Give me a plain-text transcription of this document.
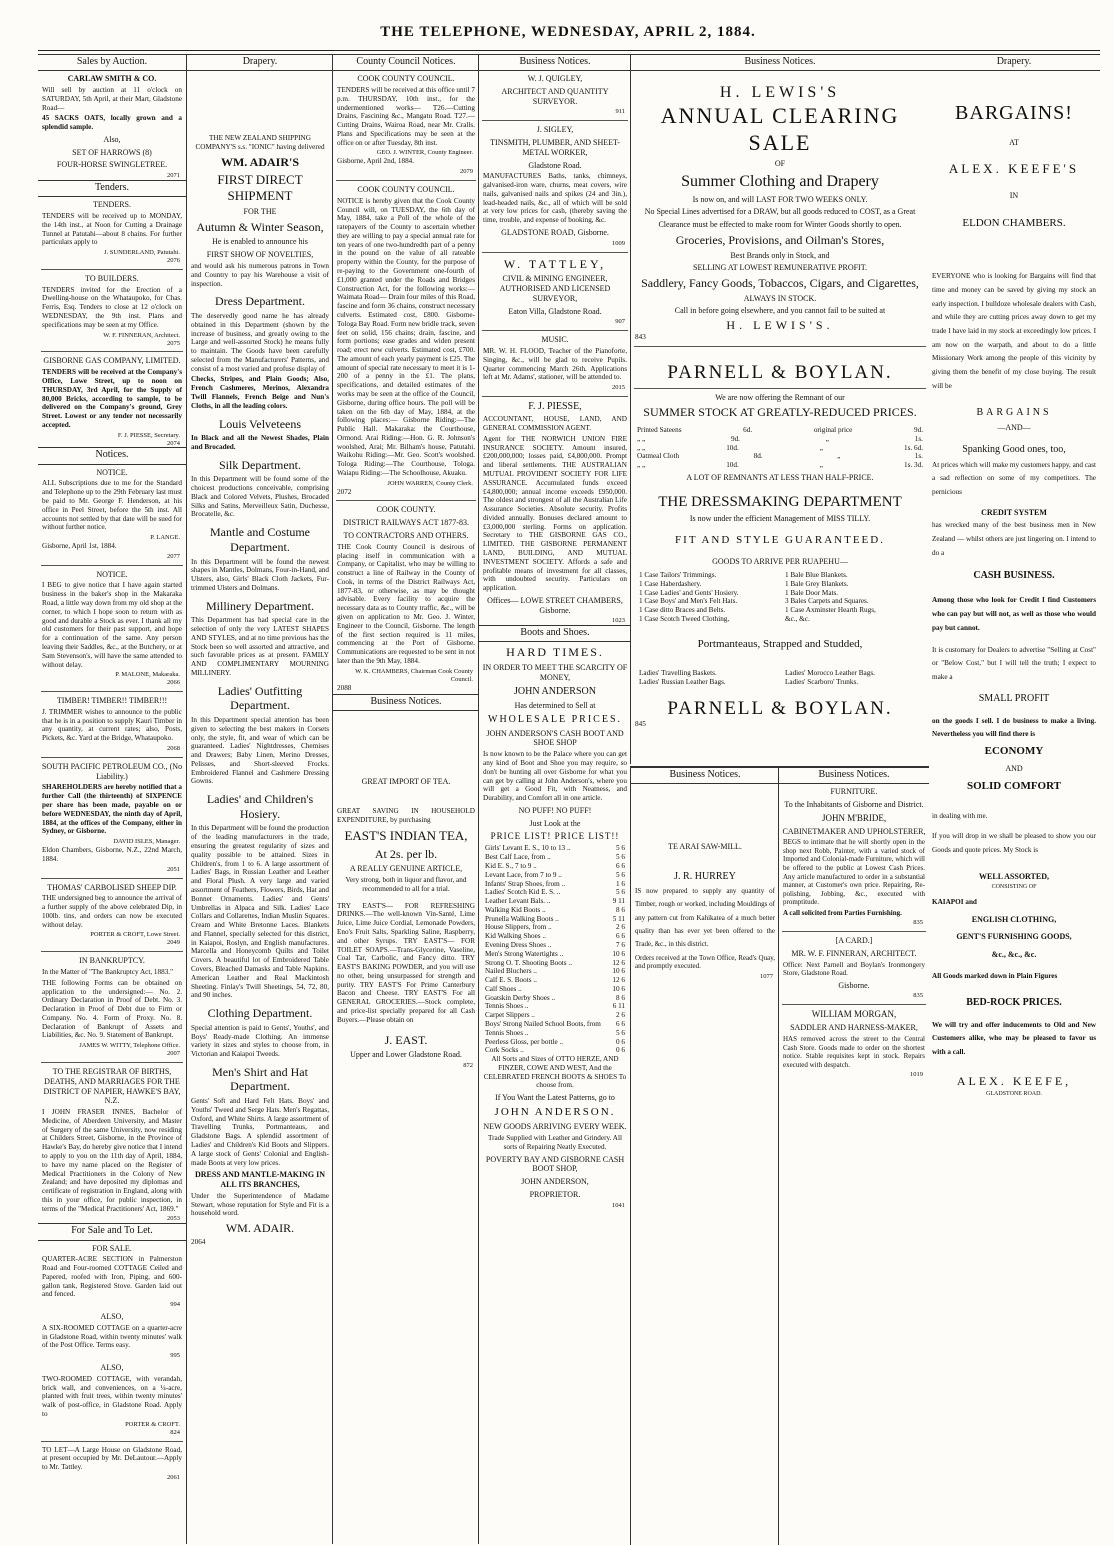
THE TELEPHONE, WEDNESDAY, APRIL 2, 1884.
Sales by Auction.
CARLAW SMITH & CO.
Will sell by auction at 11 o'clock on SATURDAY, 5th April, at their Mart, Gladstone Road—
45 SACKS OATS, locally grown and a splendid sample.
Also,
SET OF HARROWS (8)
FOUR-HORSE SWINGLETREE.
2071
Tenders.
TENDERS.
TENDERS will be received up to MONDAY, the 14th inst., at Noon for Cutting a Drainage Tunnel at Patutahi—about 8 chains. For further particulars apply to
J. SUNDERLAND, Patutahi.
2076
TO BUILDERS.
TENDERS invited for the Erection of a Dwelling-house on the Whataupoko, for Chas. Ferris, Esq. Tenders to close at 12 o'clock on WEDNESDAY, the 9th inst. Plans and specifications may be seen at my Office.
W. F. FINNERAN, Architect.
2075
GISBORNE GAS COMPANY, LIMITED.
TENDERS will be received at the Company's Office, Lowe Street, up to noon on THURSDAY, 3rd April, for the Supply of 80,000 Bricks, according to sample, to be delivered on the Company's ground, Grey Street. Lowest or any tender not necessarily accepted.
F. J. PIESSE, Secretary.
2074
Notices.
NOTICE.
ALL Subscriptions due to me for the Standard and Telephone up to the 29th February last must be paid to Mr. George F. Henderson, at his office in Peel Street, before the 5th inst. All accounts not settled by that date will be sued for without further notice.
P. LANGE.
Gisborne, April 1st, 1884.
2077
NOTICE.
I BEG to give notice that I have again started business in the baker's shop in the Makaraka Road, a little way down from my old shop at the corner, to which I hope soon to return with as good and durable a Stock as ever. I thank all my old customers for their past support, and hope for a continuation of the same. Any person leaving their Saddles, &c., at the Butchery, or at Sam Stevenson's, will have the same attended to without delay.
P. MALONE, Makaraka.
2066
TIMBER! TIMBER!! TIMBER!!!
J. TRIMMER wishes to announce to the public that he is in a position to supply Kauri Timber in any quantity, at current rates; also, Posts, Pickets, &c. Yard at the Bridge, Whataupoko.
2068
SOUTH PACIFIC PETROLEUM CO., (No Liability.)
SHAREHOLDERS are hereby notified that a further Call (the thirteenth) of SIXPENCE per share has been made, payable on or before WEDNESDAY, the ninth day of April, 1884, at the offices of the Company, either in Sydney, or Gisborne.
DAVID ISLES, Manager.
Eldon Chambers, Gisborne, N.Z., 22nd March, 1884.
2051
THOMAS' CARBOLISED SHEEP DIP.
THE undersigned beg to announce the arrival of a further supply of the above celebrated Dip, in 100lb. tins, and orders can now be executed without delay.
PORTER & CROFT, Lowe Street.
2049
IN BANKRUPTCY.
In the Matter of "The Bankruptcy Act, 1883."
THE following Forms can be obtained on application to the undersigned:— No. 2. Ordinary Declaration in Proof of Debt. No. 3. Declaration in Proof of Debt due to Firm or Company. No. 4. Form of Proxy. No. 8. Declaration of Bankrupt of Assets and Liabilities, &c. No. 9. Statement of Bankrupt.
JAMES W. WITTY, Telephone Office.
2007
TO THE REGISTRAR OF BIRTHS, DEATHS, AND MARRIAGES FOR THE DISTRICT OF NAPIER, HAWKE'S BAY, N.Z.
I JOHN FRASER INNES, Bachelor of Medicine, of Aberdeen University, and Master of Surgery of the same University, now residing at Childers Street, Gisborne, in the Province of Hawke's Bay, do hereby give notice that I intend to apply to you on the 11th day of April, 1884, to have my name placed on the Register of Medical Practitioners in the Colony of New Zealand; and have deposited my diplomas and certificate of registration in England, along with this in your office, for public inspection, in terms of the "Medical Practitioners' Act, 1869."
2053
For Sale and To Let.
FOR SALE.
QUARTER-ACRE SECTION in Palmerston Road and Four-roomed COTTAGE Ceiled and Papered, roofed with Iron, Piping, and 600-gallon tank, Registered Stove. Garden laid out and fenced.
994
ALSO,
A SIX-ROOMED COTTAGE on a quarter-acre in Gladstone Road, within twenty minutes' walk of the Post Office. Terms easy.
995
ALSO,
TWO-ROOMED COTTAGE, with verandah, brick wall, and conveniences, on a ¼-acre, planted with fruit trees, within twenty minutes' walk of post-office, in Gladstone Road. Apply to
PORTER & CROFT.
824
TO LET—A Large House on Gladstone Road, at present occupied by Mr. DeLautour.—Apply to Mr. Tattley.
2061
Drapery.
THE NEW ZEALAND SHIPPING COMPANY'S s.s. "IONIC" having delivered
WM. ADAIR'S
FIRST DIRECT SHIPMENT
FOR THE
Autumn & Winter Season,
He is enabled to announce his
FIRST SHOW OF NOVELTIES,
and would ask his numerous patrons in Town and Country to pay his Warehouse a visit of inspection.
Dress Department.
The deservedly good name he has already obtained in this Department (shown by the increase of business, and greatly owing to the Large and well-assorted Stock) he means fully to maintain. The Goods have been carefully selected from the Manufacturers' Patterns, and consist of a most varied and profuse display of
Checks, Stripes, and Plain Goods; Also, French Cashmeres, Merinos, Alexandra Twill Flannels, French Beige and Nun's Cloths, in all the leading colors.
Louis Velveteens
In Black and all the Newest Shades, Plain and Brocaded.
Silk Department.
In this Department will be found some of the choicest productions conceivable, comprising Black and Colored Velvets, Plushes, Brocaded Silks and Satins, Merveilleux Satin, Duchesse, Brocatelle, &c.
Mantle and Costume Department.
In this Department will be found the newest shapes in Mantles, Dolmans, Four-in-Hand, and Ulsters, also, Girls' Black Cloth Jackets, Fur-trimmed Ulsters and Dolmans.
Millinery Department.
This Department has had special care in the selection of only the very LATEST SHAPES AND STYLES, and at no time previous has the Stock been so well assorted and attractive, and such favorable prices as at present. FAMILY AND COMPLIMENTARY MOURNING MILLINERY.
Ladies' Outfitting Department.
In this Department special attention has been given to selecting the best makers in Corsets only, the style, fit, and wear of which can be guaranteed. Ladies' Nightdresses, Chemises and Drawers; Baby Linen, Merino Dresses, Pelisses, and Short-sleeved Frocks. Embroidered Flannel and Cashmere Dressing Gowns.
Ladies' and Children's Hosiery.
In this Department will be found the production of the leading manufacturers in the trade, ensuring the greatest regularity of sizes and quality possible to be attained. Sizes in Children's, from 1 to 6. A large assortment of Ladies' Bags, in Russian Leather and Leather and Floral Plush. A very large and varied assortment of Feathers, Flowers, Birds, Hat and Bonnet Ornaments. Ladies' and Gents' Umbrellas in Alpaca and Silk. Ladies' Lace Collars and Collarettes, Indian Muslin Squares. Cream and White Bretonne Laces. Blankets and Flannel, specially selected for this district, in Kaiapoi, Roslyn, and English manufactures. Marcella and Honeycomb Quilts and Toilet Covers. A beautiful lot of Embroidered Table Covers, Bleached Damasks and Table Napkins. American Leather and Real Mackintosh Sheeting. Finlay's Twill Sheetings, 54, 72, 80, and 90 inches.
Clothing Department.
Special attention is paid to Gents', Youths', and Boys' Ready-made Clothing. An immense variety in sizes and styles to choose from, in Victorian and Kaiapoi Tweeds.
Men's Shirt and Hat Department.
Gents' Soft and Hard Felt Hats. Boys' and Youths' Tweed and Serge Hats. Men's Regattas, Oxford, and White Shirts. A large assortment of Travelling Trunks, Portmanteaus, and Gladstone Bags. A splendid assortment of Ladies' and Children's Kid Boots and Slippers. A large stock of Gents' Colonial and English-made Boots at very low prices.
DRESS AND MANTLE-MAKING IN ALL ITS BRANCHES,
Under the Superintendence of Madame Stewart, whose reputation for Style and Fit is a household word.
WM. ADAIR.
2064
County Council Notices.
COOK COUNTY COUNCIL.
TENDERS will be received at this office until 7 p.m. THURSDAY, 10th inst., for the undermentioned works— T26.—Cutting Drains, Fascining &c., Mangatu Road. T27.—Cutting Drains, Wairoa Road, near Mr. Cralls. Plans and Specifications may be seen at the office on or after Tuesday, 8th inst.
GEO. J. WINTER, County Engineer.
Gisborne, April 2nd, 1884.
2079
COOK COUNTY COUNCIL.
NOTICE is hereby given that the Cook County Council will, on TUESDAY, the 6th day of May, 1884, take a Poll of the whole of the ratepayers of the County to ascertain whether they are willing to pay a special annual rate for ten years of one two-hundredth part of a penny in the pound on the value of all rateable property within the County, for the purpose of re-paying to the Government one-fourth of £1,000 granted under the Roads and Bridges Construction Act, for the following works:— Waimata Road— Drain four miles of this Road, fascine and form 36 chains, construct necessary culverts. Estimated cost, £800. Gisborne-Tologa Bay Road. Form new bridle track, seven feet on solid, 156 chains; drain, fascine, and form portions; ease grades and widen present road; erect new culverts. Estimated cost, £700. The amount of each yearly payment is £25. The amount of special rate necessary to meet it is 1-200 of a penny in the £1. The plans, specifications, and detailed estimates of the works may be seen at the office of the Council, Gisborne, during office hours. The poll will be taken on the 6th day of May, 1884, at the following places:— Gisborne Riding:—The Public Hall. Makaraka: the Courthouse, Ormond. Arai Riding:—Hon. G. R. Johnson's woolshed, Arai; Mr. Bilham's house, Patutahi. Waikohu Riding:—Mr. Geo. Scott's woolshed. Tologa Riding:—The Courthouse, Tologa. Waiapu Riding:—The Schoolhouse, Akuaku.
JOHN WARREN, County Clerk.
2072
COOK COUNTY.
DISTRICT RAILWAYS ACT 1877-83.
TO CONTRACTORS AND OTHERS.
THE Cook County Council is desirous of placing itself in communication with a Company, or Capitalist, who may be willing to construct a line of Railway in the County of Cook, in terms of the District Railways Act, 1877-83, or otherwise, as may be thought advisable. Every facility to acquire the necessary data as to County traffic, &c., will be given on application to Mr. Geo. J. Winter, Engineer to the Council, Gisborne. The length of the first section required is 11 miles, commencing at the Port of Gisborne. Communications are requested to be sent in not later than the 9th May, 1884.
W. K. CHAMBERS, Chairman Cook County Council.
2088
Business Notices.
GREAT IMPORT OF TEA.
GREAT SAVING IN HOUSEHOLD EXPENDITURE, by purchasing
EAST'S INDIAN TEA,
At 2s. per lb.
A REALLY GENUINE ARTICLE,
Very strong, both in liquor and flavor, and recommended to all for a trial.
TRY EAST'S— FOR REFRESHING DRINKS.—The well-known Vin-Santé, Lime Juice, Lime Juice Cordial, Lemonade Powders, Eno's Fruit Salts, Sparkling Saline, Raspberry, and other Syrups. TRY EAST'S— FOR TOILET SOAPS.—Trans-Glycerine, Vaseline, Coal Tar, Carbolic, and Fancy ditto. TRY EAST'S BAKING POWDER, and you will use no other, being unsurpassed for strength and purity. TRY EAST'S For Prime Canterbury Bacon and Cheese. TRY EAST'S For all GENERAL GROCERIES.—Stock complete, and price-list specially prepared for all Cash Buyers.—Please obtain on
J. EAST.
Upper and Lower Gladstone Road.
872
Business Notices.
W. J. QUIGLEY,
ARCHITECT AND QUANTITY SURVEYOR.
911
J. SIGLEY,
TINSMITH, PLUMBER, AND SHEET-METAL WORKER,
Gladstone Road.
MANUFACTURES Baths, tanks, chimneys, galvanised-iron ware, churns, meat covers, wire nails, galvanised nails and spikes (24 and 3in.), lead-headed nails, &c., all of which will be sold at very low prices for cash, (thereby saving the time, trouble, and expense of booking, &c.
GLADSTONE ROAD, Gisborne.
1009
W. TATTLEY,
CIVIL & MINING ENGINEER, AUTHORISED AND LICENSED SURVEYOR,
Eaton Villa, Gladstone Road.
907
MUSIC.
MR. W. H. FLOOD, Teacher of the Pianoforte, Singing, &c., will be glad to receive Pupils. Quarter commencing March 26th. Applications left at Mr. Adams', stationer, will be attended to.
2015
F. J. PIESSE,
ACCOUNTANT, HOUSE, LAND, AND GENERAL COMMISSION AGENT.
Agent for THE NORWICH UNION FIRE INSURANCE SOCIETY. Amount insured, £200,000,000; losses paid, £4,800,000. Prompt and liberal settlements. THE AUSTRALIAN MUTUAL PROVIDENT SOCIETY FOR LIFE ASSURANCE. Accumulated funds exceed £4,800,000; annual income exceeds £950,000. The oldest and strongest of all the Australian Life Assurance Societies. Absolute security. Profits divided annually. Bonuses declared amount to £3,000,000 sterling. Forms on application. Secretary to THE GISBORNE GAS CO., LIMITED. THE GISBORNE PERMANENT LAND, BUILDING, AND MUTUAL INVESTMENT SOCIETY. Affords a safe and profitable means of investment for all classes, with undoubted security. Particulars on application.
Offices— LOWE STREET CHAMBERS, Gisborne.
1023
Boots and Shoes.
HARD TIMES.
IN ORDER TO MEET THE SCARCITY OF MONEY,
JOHN ANDERSON
Has determined to Sell at
WHOLESALE PRICES.
JOHN ANDERSON'S CASH BOOT AND SHOE SHOP
Is now known to be the Palace where you can get any kind of Boot and Shoe you may require, so don't be hunting all over Gisborne for what you can get by calling at John Anderson's, where you will get a Good Fit, with Neatness, and Durability, and Comfort all in one article.
NO PUFF! NO PUFF!
Just Look at the
PRICE LIST! PRICE LIST!!
Girls' Levant E. S., 10 to 13 ..	5 6
Best Calf Lace, from ..	5 6
Kid E. S., 7 to 9 ..	6 6
Levant Lace, from 7 to 9 ..	5 6
Infants' Strap Shoes, from ..	1 6
Ladies' Scotch Kid E. S. ..	5 6
Leather Levant Bals. ..	9 11
Walking Kid Boots ..	8 6
Prunella Walking Boots ..	5 11
House Slippers, from ..	2 6
Kid Walking Shoes ..	6 6
Evening Dress Shoes ..	7 6
Men's Strong Watertights ..	10 6
Strong O. T. Shooting Boots ..	12 6
Nailed Bluchers ..	10 6
Calf E. S. Boots ..	12 6
Calf Shoes ..	10 6
Goatskin Derby Shoes ..	8 6
Tennis Shoes ..	6 11
Carpet Slippers ..	2 6
Boys' Strong Nailed School Boots, from 6 6
Tennis Shoes ..	5 6
Peerless Gloss, per bottle ..	0 6
Cork Socks ..	0 6
All Sorts and Sizes of OTTO HERZE, AND FINZER, COWE AND WEST, And the CELEBRATED FRENCH BOOTS & SHOES To choose from.
If You Want the Latest Patterns, go to
JOHN ANDERSON.
NEW GOODS ARRIVING EVERY WEEK.
Trade Supplied with Leather and Grindery. All sorts of Repairing Neatly Executed.
POVERTY BAY AND GISBORNE CASH BOOT SHOP,
JOHN ANDERSON,
PROPRIETOR.
1041
Business Notices.
H. LEWIS'S
ANNUAL CLEARING SALE
OF
Summer Clothing and Drapery
Is now on, and will LAST FOR TWO WEEKS ONLY.
No Special Lines advertised for a DRAW, but all goods reduced to COST, as a Great
Clearance must be effected to make room for Winter Goods shortly to open.
Groceries, Provisions, and Oilman's Stores,
Best Brands only in Stock, and
SELLING AT LOWEST REMUNERATIVE PROFIT.
Saddlery, Fancy Goods, Tobaccos, Cigars, and Cigarettes,
ALWAYS IN STOCK.
Call in before going elsewhere, and you cannot fail to be suited at
H. LEWIS'S.
843
PARNELL & BOYLAN.
We are now offering the Remnant of our
SUMMER STOCK AT GREATLY-REDUCED PRICES.
Printed Sateens	6d.	original price	9d.
„ „	9d.	„	1s.
„ „	10d.	„	1s. 6d.
Oatmeal Cloth	8d.	„	1s.
„ „	10d.	„	1s. 3d.
A LOT OF REMNANTS AT LESS THAN HALF-PRICE.
THE DRESSMAKING DEPARTMENT
Is now under the efficient Management of MISS TILLY.
FIT AND STYLE GUARANTEED.
GOODS TO ARRIVE PER RUAPEHU—
1 Case Tailors' Trimmings.
1 Case Haberdashery.
1 Case Ladies' and Gents' Hosiery.
1 Case Boys' and Men's Felt Hats.
1 Case ditto Braces and Belts.
1 Case Scotch Tweed Clothing,
1 Bale Blue Blankets.
1 Bale Grey Blankets.
1 Bale Door Mats.
3 Bales Carpets and Squares.
1 Case Axminster Hearth Rugs,
&c., &c.
Portmanteaus, Strapped and Studded,
Ladies' Travelling Baskets.
Ladies' Russian Leather Bags.
Ladies' Morocco Leather Bags.
Ladies' Scarboro' Trunks.
PARNELL & BOYLAN.
845
Business Notices.
TE ARAI SAW-MILL.
J. R. HURREY
IS now prepared to supply any quantity of Timber, rough or worked, including Mouldings of any pattern cut from Kahikatea of a much better quality than has ever yet been offered to the Trade, &c., in this district.
Orders received at the Town Office, Read's Quay, and promptly executed.
1077
Business Notices.
FURNITURE.
To the Inhabitants of Gisborne and District.
JOHN M'BRIDE,
CABINETMAKER AND UPHOLSTERER,
BEGS to intimate that he will shortly open in the shop next Robb, Painter, with a varied stock of Imported and Colonial-made Furniture, which will be offered to the public at Lowest Cash Prices. Any article manufactured to order in a substantial manner, at Customer's own price. Repairing, Re-polishing, Jobbing, &c., executed with promptitude.
A call solicited from Parties Furnishing.
835
[A CARD.]
MR. W. F. FINNERAN, ARCHITECT.
Office: Next Parnell and Boylan's Ironmongery Store, Gladstone Road.
Gisborne.
835
WILLIAM MORGAN,
SADDLER AND HARNESS-MAKER,
HAS removed across the street to the Central Cash Store. Goods made to order on the shortest notice. Stable requisites kept in stock. Repairs executed with despatch.
1019
Drapery.
BARGAINS!
AT
ALEX. KEEFE'S
IN
ELDON CHAMBERS.
EVERYONE who is looking for Bargains will find that time and money can be saved by giving my stock an early inspection. I bulldoze wholesale dealers with Cash, and while they are cutting prices away down to get my trade I have laid in my stock at exceedingly low prices. I am now on the warpath, and about to do a little Missionary Work among the people of this vicinity by giving them the benefit of my close buying. The result will be
BARGAINS
—AND—
Spanking Good ones, too,
At prices which will make my customers happy, and cast a sad reflection on some of my competitors. The pernicious
CREDIT SYSTEM
has wrecked many of the best business men in New Zealand — whilst others are just lingering on. I intend to do a
CASH BUSINESS.
Among those who look for Credit I find Customers who can pay but will not, as well as those who would pay but cannot.
It is customary for Dealers to advertise "Selling at Cost" or "Below Cost," but I will tell the truth; I expect to make a
SMALL PROFIT
on the goods I sell. I do business to make a living. Nevertheless you will find there is
ECONOMY
AND
SOLID COMFORT
in dealing with me.
If you will drop in we shall be pleased to show you our Goods and quote prices. My Stock is
WELL ASSORTED,
CONSISTING OF
KAIAPOI and
ENGLISH CLOTHING,
GENT'S FURNISHING GOODS,
&c., &c., &c.
All Goods marked down in Plain Figures
BED-ROCK PRICES.
We will try and offer inducements to Old and New Customers alike, who may be pleased to favor us with a call.
ALEX. KEEFE,
GLADSTONE ROAD.
